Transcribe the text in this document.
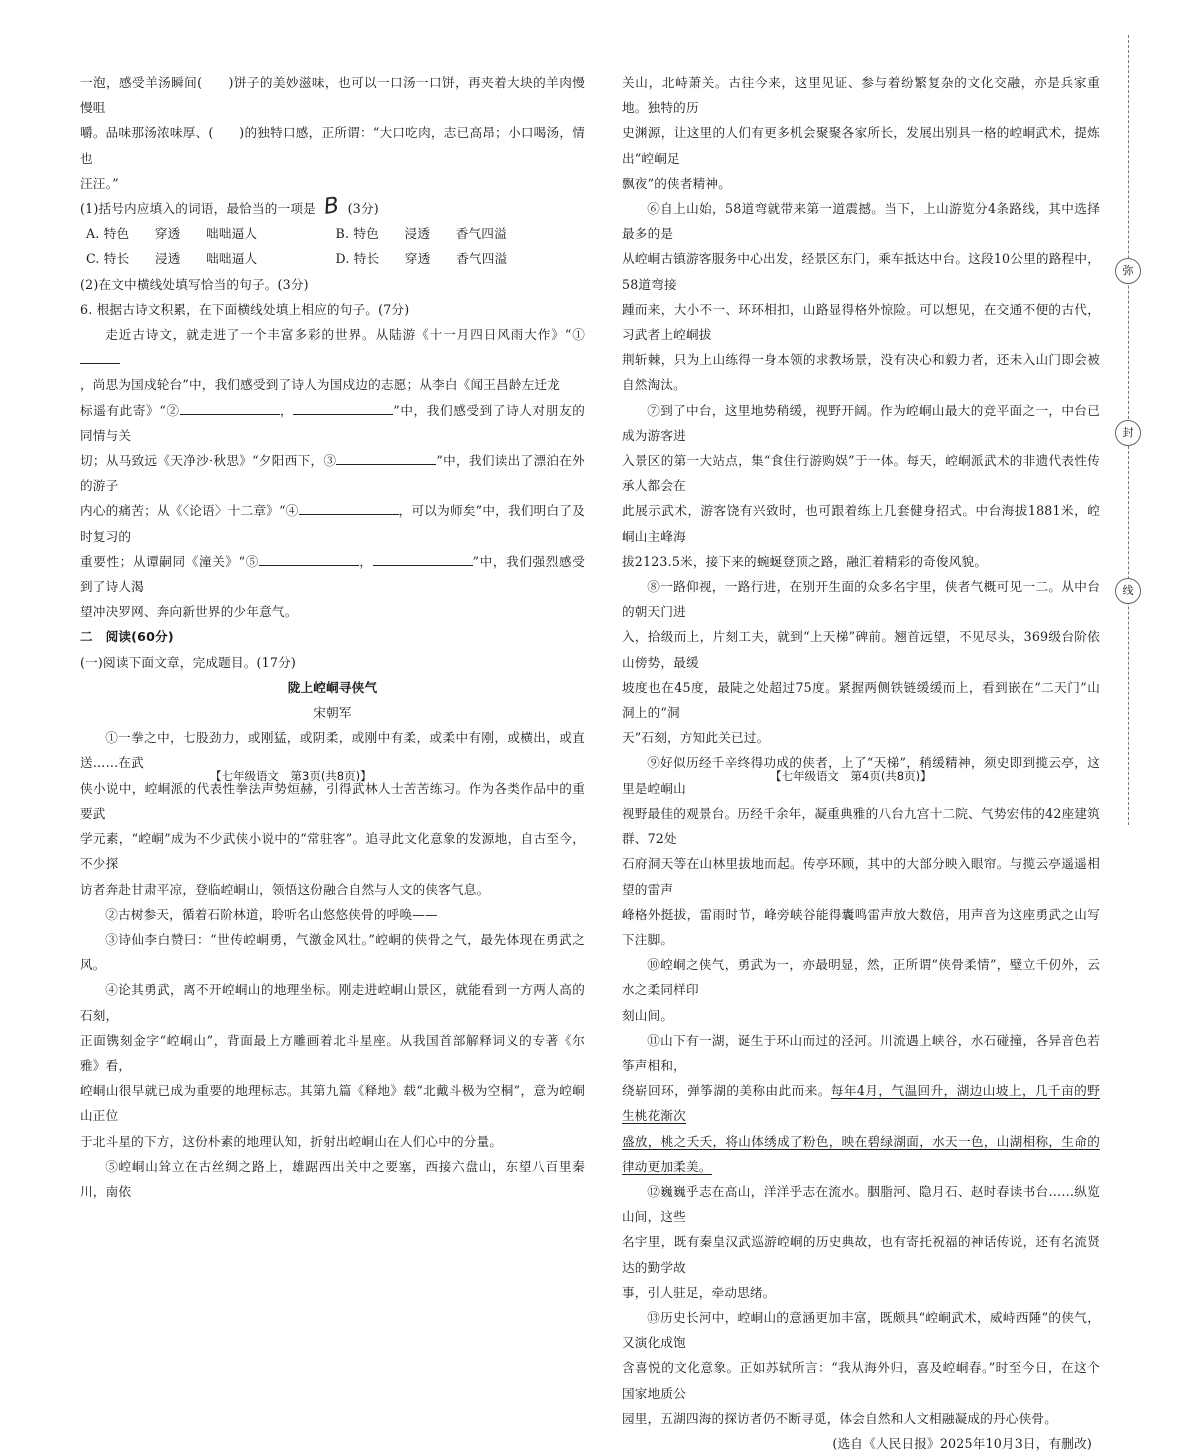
一泡，感受羊汤瞬间(　　)饼子的美妙滋味，也可以一口汤一口饼，再夹着大块的羊肉慢慢咀
嚼。品味那汤浓味厚、(　　)的独特口感，正所谓：“大口吃肉，志已高昂；小口喝汤，情也
汪汪。”
(1)括号内应填入的词语，最恰当的一项是 B (3分)
A. 特色　　穿透　　咄咄逼人	B. 特色　　浸透　　香气四溢
C. 特长　　浸透　　咄咄逼人	D. 特长　　穿透　　香气四溢
(2)在文中横线处填写恰当的句子。(3分)
6. 根据古诗文积累，在下面横线处填上相应的句子。(7分)
走近古诗文，就走进了一个丰富多彩的世界。从陆游《十一月四日风雨大作》“①
，尚思为国戍轮台”中，我们感受到了诗人为国戍边的志愿；从李白《闻王昌龄左迁龙
标遥有此寄》“②	，	”中，我们感受到了诗人对朋友的同情与关
切；从马致远《天净沙·秋思》“夕阳西下，③	”中，我们读出了漂泊在外的游子
内心的痛苦；从《〈论语〉十二章》“④	，可以为师矣”中，我们明白了及时复习的
重要性；从谭嗣同《潼关》“⑤	，	”中，我们强烈感受到了诗人渴
望冲决罗网、奔向新世界的少年意气。
二　阅读(60分)
(一)阅读下面文章，完成题目。(17分)
陇上崆峒寻侠气
宋朝军
①一拳之中，七股劲力，或刚猛，或阴柔，或刚中有柔，或柔中有刚，或横出，或直送……在武
侠小说中，崆峒派的代表性拳法声势烜赫，引得武林人士苦苦练习。作为各类作品中的重要武
学元素，“崆峒”成为不少武侠小说中的“常驻客”。追寻此文化意象的发源地，自古至今，不少探
访者奔赴甘肃平凉，登临崆峒山，领悟这份融合自然与人文的侠客气息。
②古树参天，循着石阶林道，聆听名山悠悠侠骨的呼唤——
③诗仙李白赞曰：“世传崆峒勇，气激金风壮。”崆峒的侠骨之气，最先体现在勇武之风。
④论其勇武，离不开崆峒山的地理坐标。刚走进崆峒山景区，就能看到一方两人高的石刻，
正面镌刻金字“崆峒山”，背面最上方雕画着北斗星座。从我国首部解释词义的专著《尔雅》看，
崆峒山很早就已成为重要的地理标志。其第九篇《释地》载“北戴斗极为空桐”，意为崆峒山正位
于北斗星的下方，这份朴素的地理认知，折射出崆峒山在人们心中的分量。
⑤崆峒山耸立在古丝绸之路上，雄踞西出关中之要塞，西接六盘山，东望八百里秦川，南依
【七年级语文　第3页(共8页)】
关山，北峙萧关。古往今来，这里见证、参与着纷繁复杂的文化交融，亦是兵家重地。独特的历
史渊源，让这里的人们有更多机会聚聚各家所长，发展出别具一格的崆峒武术，提炼出“崆峒足
飘夜”的侠者精神。
⑥自上山始，58道弯就带来第一道震撼。当下，上山游览分4条路线，其中选择最多的是
从崆峒古镇游客服务中心出发，经景区东门，乘车抵达中台。这段10公里的路程中，58道弯接
踵而来，大小不一、环环相扣，山路显得格外惊险。可以想见，在交通不便的古代，习武者上崆峒拔
荆斩棘，只为上山练得一身本领的求教场景，没有决心和毅力者，还未入山门即会被自然淘汰。
⑦到了中台，这里地势稍缓，视野开阔。作为崆峒山最大的竞平面之一，中台已成为游客进
入景区的第一大站点，集“食住行游购娱”于一体。每天，崆峒派武术的非遗代表性传承人都会在
此展示武术，游客饶有兴致时，也可跟着练上几套健身招式。中台海拔1881米，崆峒山主峰海
拔2123.5米，接下来的蜿蜒登顶之路，融汇着精彩的奇俊风貌。
⑧一路仰视，一路行进，在别开生面的众多名宇里，侠者气概可见一二。从中台的朝天门进
入，拾级而上，片刻工夫，就到“上天梯”碑前。翘首远望，不见尽头，369级台阶依山傍势，最缓
坡度也在45度，最陡之处超过75度。紧握两侧铁链缓缓而上，看到嵌在“二天门”山洞上的“洞
天”石刻，方知此关已过。
⑨好似历经千辛终得功成的侠者，上了“天梯”，稍缓精神，须史即到揽云亭，这里是崆峒山
视野最佳的观景台。历经千余年，凝重典雅的八台九宫十二院、气势宏伟的42座建筑群、72处
石府洞天等在山林里拔地而起。传亭环顾，其中的大部分映入眼帘。与揽云亭遥遥相望的雷声
峰格外挺拔，雷雨时节，峰旁峡谷能得囊鸣雷声放大数倍，用声音为这座勇武之山写下注脚。
⑩崆峒之侠气，勇武为一，亦最明显，然，正所谓“侠骨柔情”，璧立千仞外，云水之柔同样印
刻山间。
⑪山下有一湖，诞生于环山而过的泾河。川流遇上峡谷，水石碰撞，各异音色若筝声相和，
绕崭回环，弹筝湖的美称由此而来。每年4月，气温回升，湖边山坡上，几千亩的野生桃花渐次
盛放，桃之夭夭，将山体绣成了粉色，映在碧绿湖面，水天一色，山湖相称，生命的律动更加柔美。
⑫巍巍乎志在高山，洋洋乎志在流水。胭脂河、隐月石、赵时春读书台……纵览山间，这些
名宇里，既有秦皇汉武巡游崆峒的历史典故，也有寄托祝福的神话传说，还有名流贤达的勤学故
事，引人驻足，牵动思绪。
⑬历史长河中，崆峒山的意涵更加丰富，既颇具“崆峒武术，威峙西陲”的侠气，又演化成饱
含喜悦的文化意象。正如苏轼所言：“我从海外归，喜及崆峒春。”时至今日，在这个国家地质公
园里，五湖四海的探访者仍不断寻觅，体会自然和人文相融凝成的丹心侠骨。
(选自《人民日报》2025年10月3日，有删改)
【七年级语文　第4页(共8页)】
弥
封
线
